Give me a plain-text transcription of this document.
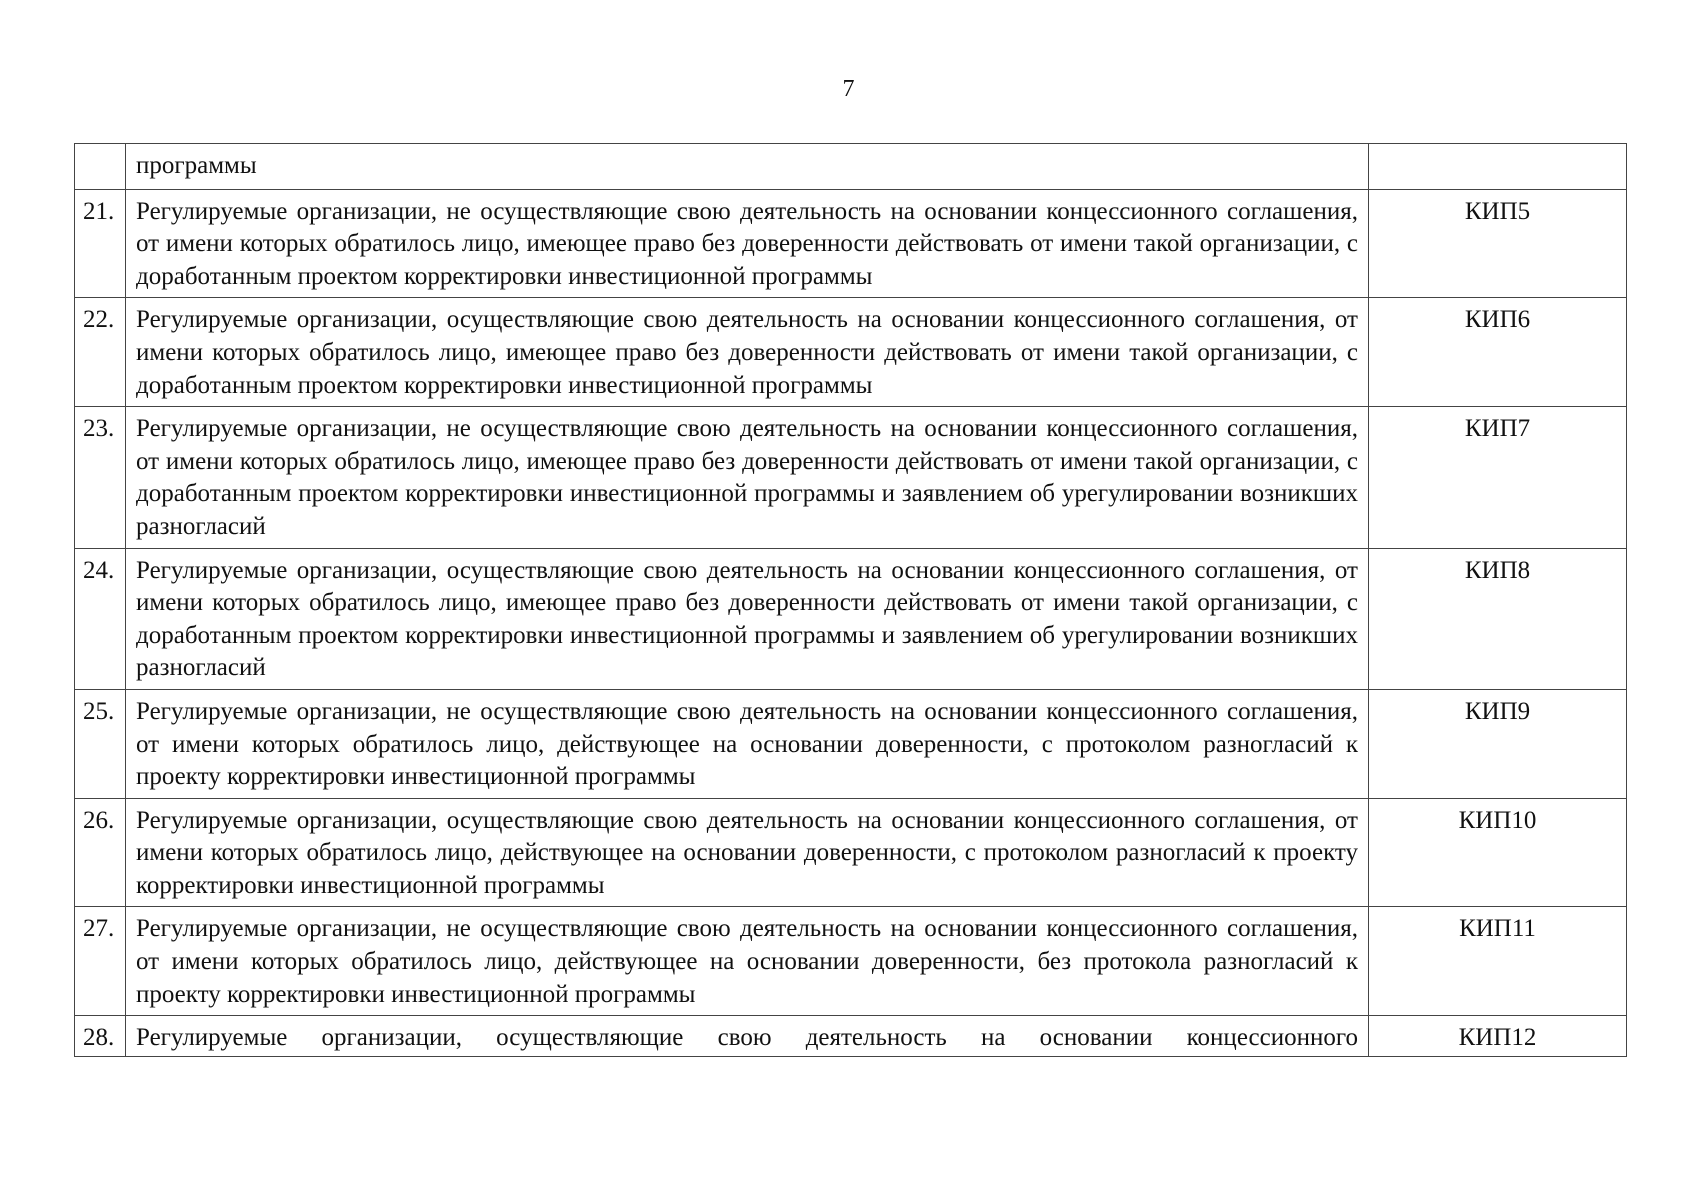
7
	программы	
21.	Регулируемые организации, не осуществляющие свою деятельность на основании концессионного соглашения, от имени которых обратилось лицо, имеющее право без доверенности действовать от имени такой организации, с доработанным проектом корректировки инвестиционной программы	КИП5
22.	Регулируемые организации, осуществляющие свою деятельность на основании концессионного соглашения, от имени которых обратилось лицо, имеющее право без доверенности действовать от имени такой организации, с доработанным проектом корректировки инвестиционной программы	КИП6
23.	Регулируемые организации, не осуществляющие свою деятельность на основании концессионного соглашения, от имени которых обратилось лицо, имеющее право без доверенности действовать от имени такой организации, с доработанным проектом корректировки инвестиционной программы и заявлением об урегулировании возникших разногласий	КИП7
24.	Регулируемые организации, осуществляющие свою деятельность на основании концессионного соглашения, от имени которых обратилось лицо, имеющее право без доверенности действовать от имени такой организации, с доработанным проектом корректировки инвестиционной программы и заявлением об урегулировании возникших разногласий	КИП8
25.	Регулируемые организации, не осуществляющие свою деятельность на основании концессионного соглашения, от имени которых обратилось лицо, действующее на основании доверенности, с протоколом разногласий к проекту корректировки инвестиционной программы	КИП9
26.	Регулируемые организации, осуществляющие свою деятельность на основании концессионного соглашения, от имени которых обратилось лицо, действующее на основании доверенности, с протоколом разногласий к проекту корректировки инвестиционной программы	КИП10
27.	Регулируемые организации, не осуществляющие свою деятельность на основании концессионного соглашения, от имени которых обратилось лицо, действующее на основании доверенности, без протокола разногласий к проекту корректировки инвестиционной программы	КИП11
28.	Регулируемые организации, осуществляющие свою деятельность на основании концессионного	КИП12
